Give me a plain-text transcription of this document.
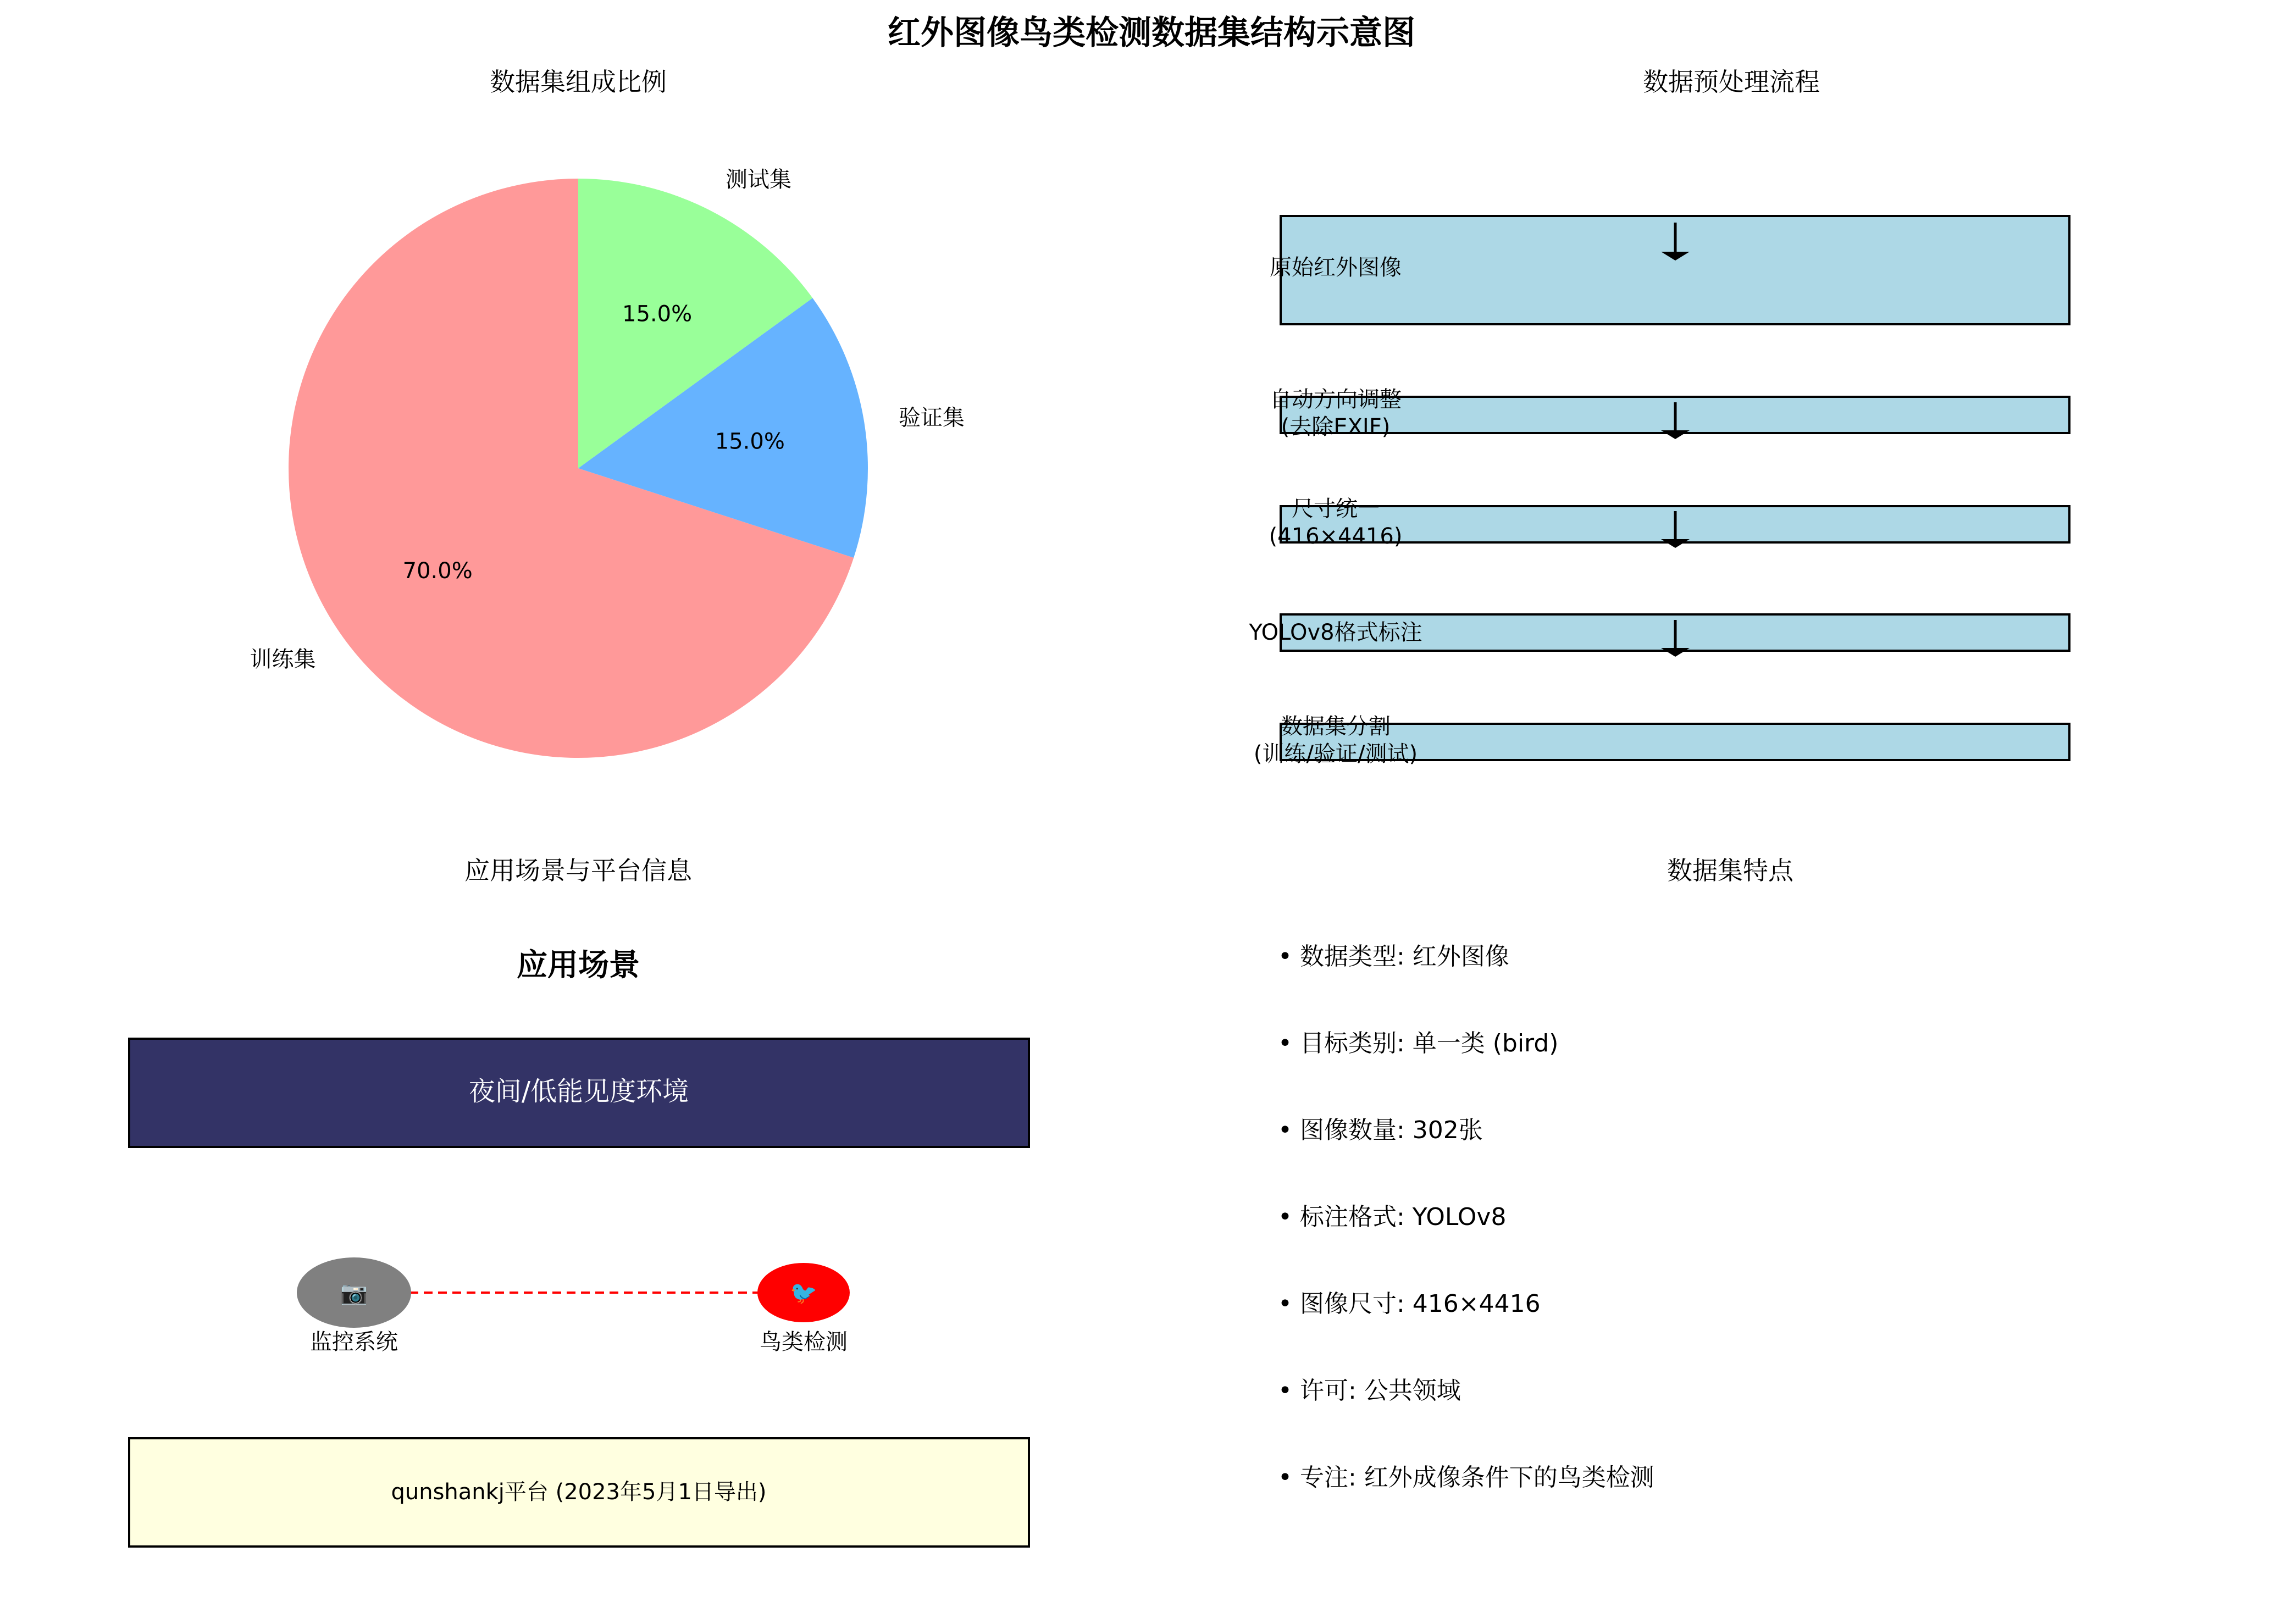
红外图像鸟类检测数据集结构示意图
数据集组成比例
训练集
70.0%
验证集
15.0%
测试集
15.0%
数据预处理流程
原始红外图像
自动方向调整
(去除EXIF)
尺寸统一
(416×4416)
YOLOv8格式标注
数据集分割
(训练/验证/测试)
应用场景与平台信息
应用场景
夜间/低能见度环境
📷
监控系统
🐦
鸟类检测
qunshankj平台 (2023年5月1日导出)
数据集特点
• 数据类型: 红外图像
• 目标类别: 单一类 (bird)
• 图像数量: 302张
• 标注格式: YOLOv8
• 图像尺寸: 416×4416
• 许可: 公共领域
• 专注: 红外成像条件下的鸟类检测
